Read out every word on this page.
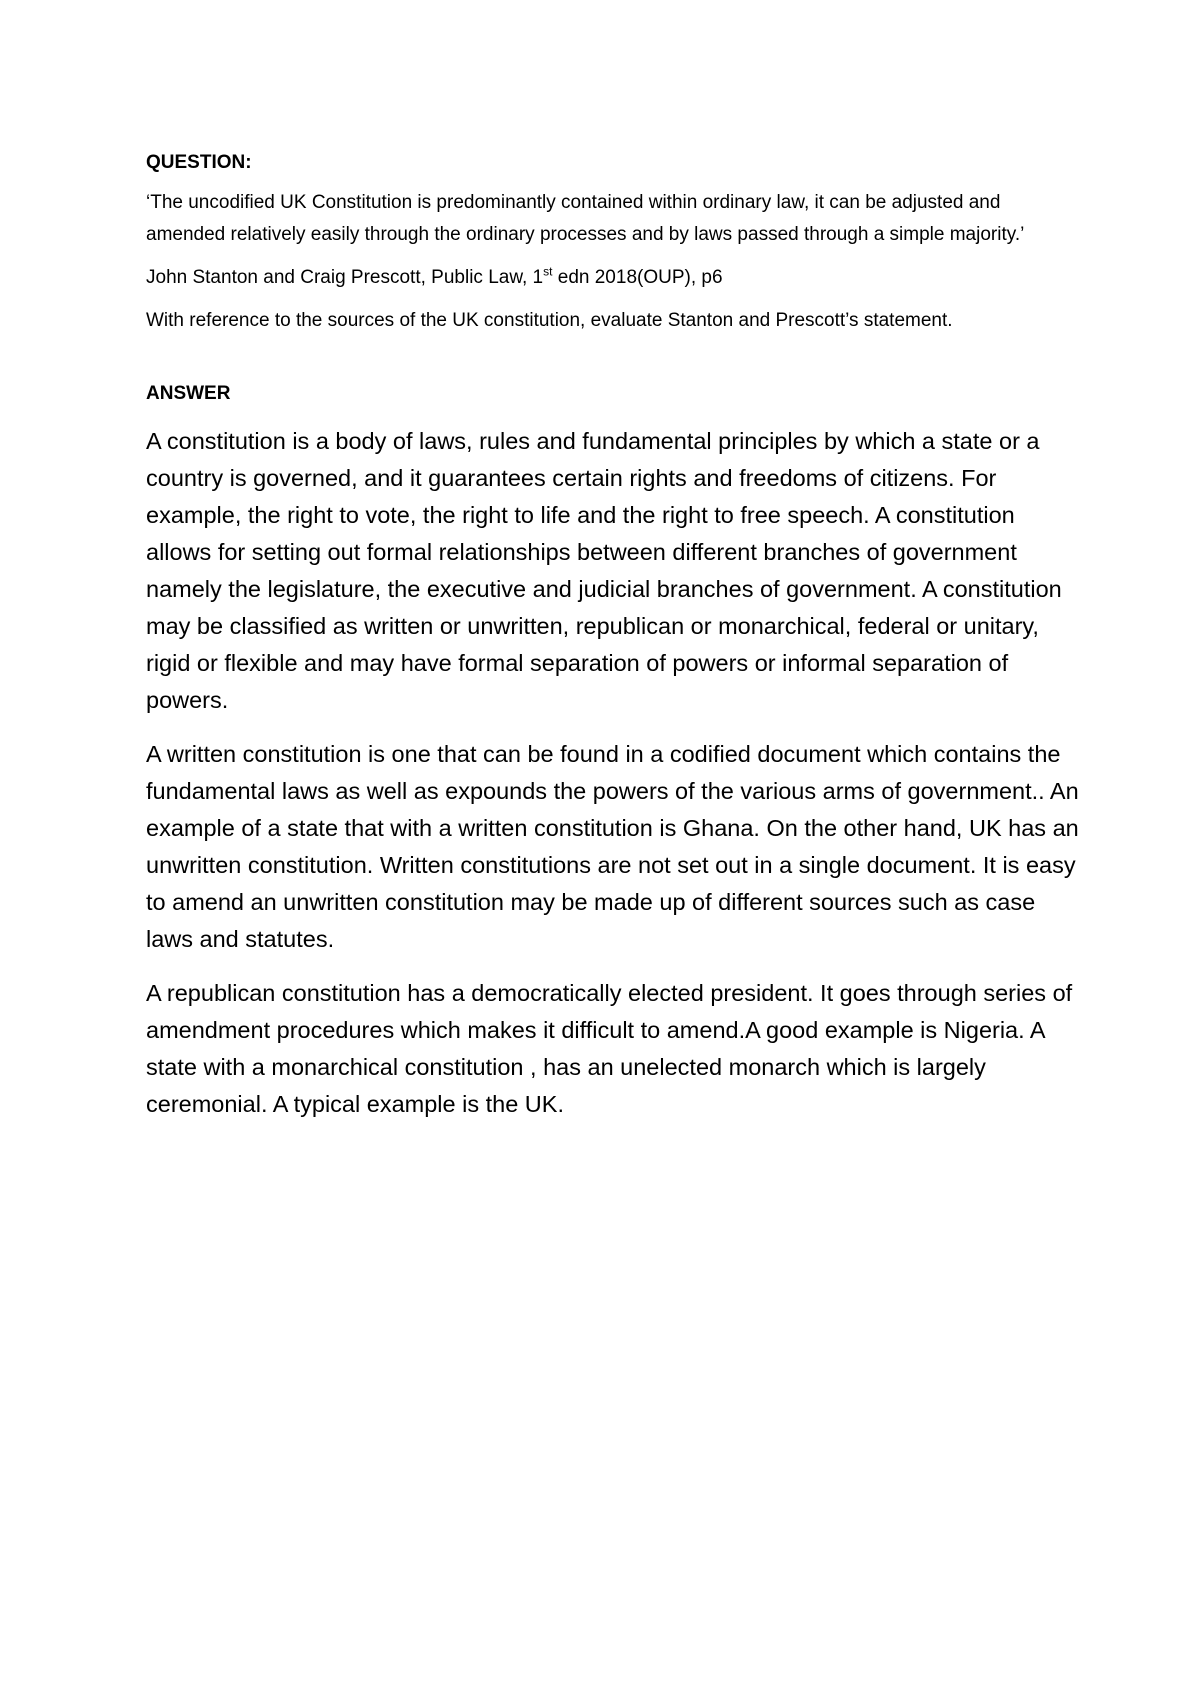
QUESTION:

‘The uncodified UK Constitution is predominantly contained within ordinary law, it can be adjusted and amended relatively easily through the ordinary processes and by laws passed through a simple majority.’

John Stanton and Craig Prescott, Public Law, 1st edn 2018(OUP), p6

With reference to the sources of the UK constitution, evaluate Stanton and Prescott’s statement.

ANSWER

A constitution is a body of laws, rules and fundamental principles by which a state or a country is governed, and it guarantees certain rights and freedoms of citizens. For example, the right to vote, the right to life and the right to free speech. A constitution allows for setting out formal relationships between different branches of government namely the legislature, the executive and judicial branches of government. A constitution may be classified as written or unwritten, republican or monarchical, federal or unitary, rigid or flexible and may have formal separation of powers or informal separation of powers.

A written constitution is one that can be found in a codified document which contains the fundamental laws as well as expounds the powers of the various arms of government.. An example of a state that with a written constitution is Ghana. On the other hand, UK has an unwritten constitution. Written constitutions are not set out in a single document. It is easy to amend an unwritten constitution may be made up of different sources such as case laws and statutes.

A republican constitution has a democratically elected president. It goes through series of amendment procedures which makes it difficult to amend.A good example is Nigeria. A state with a monarchical constitution , has an unelected monarch which is largely ceremonial. A typical example is the UK.
